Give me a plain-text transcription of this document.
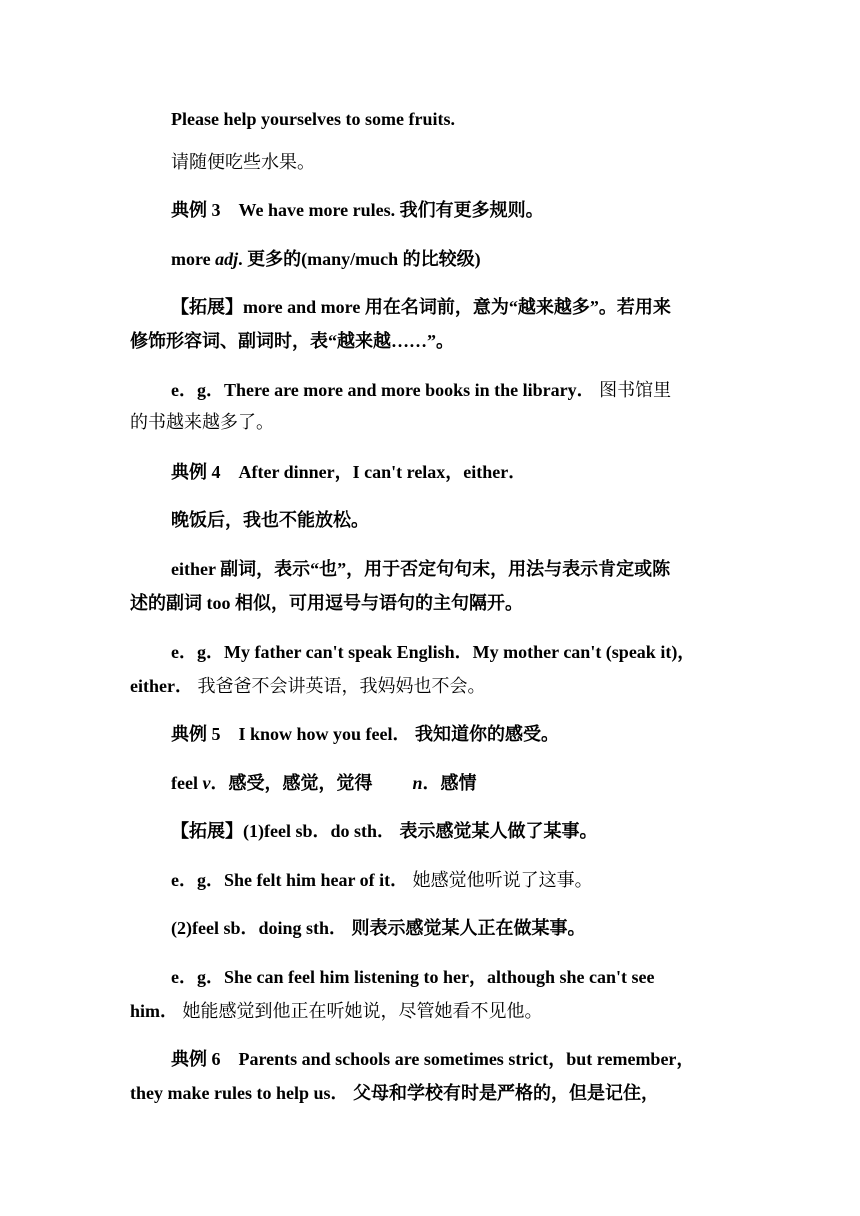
Please help yourselves to some fruits.
请随便吃些水果。
典例 3 We have more rules. 我们有更多规则。
more adj. 更多的(many/much 的比较级)
【拓展】more and more 用在名词前，意为“越来越多”。若用来
修饰形容词、副词时，表“越来越……”。
e．g．There are more and more books in the library． 图书馆里
的书越来越多了。
典例 4 After dinner，I can't relax，either．
晚饭后，我也不能放松。
either 副词，表示“也”，用于否定句句末，用法与表示肯定或陈
述的副词 too 相似，可用逗号与语句的主句隔开。
e．g．My father can't speak English．My mother can't (speak it)，
either． 我爸爸不会讲英语，我妈妈也不会。
典例 5 I know how you feel． 我知道你的感受。
feel v．感受，感觉，觉得 n．感情
【拓展】(1)feel sb．do sth． 表示感觉某人做了某事。
e．g．She felt him hear of it． 她感觉他听说了这事。
(2)feel sb．doing sth． 则表示感觉某人正在做某事。
e．g．She can feel him listening to her，although she can't see
him． 她能感觉到他正在听她说，尽管她看不见他。
典例 6 Parents and schools are sometimes strict，but remember，
they make rules to help us． 父母和学校有时是严格的，但是记住，
